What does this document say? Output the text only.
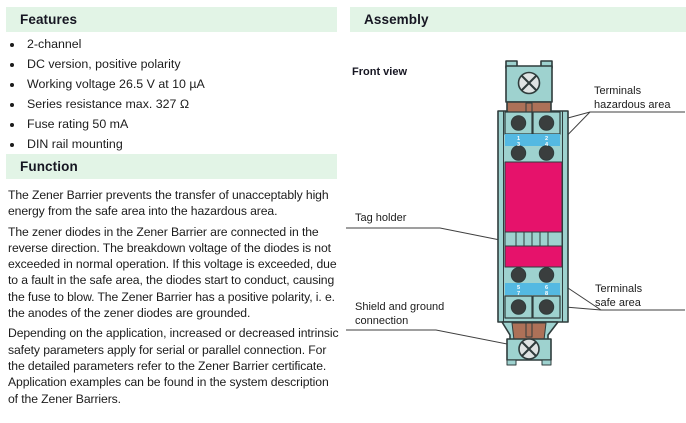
Features
• 2-channel
• DC version, positive polarity
• Working voltage 26.5 V at 10 µA
• Series resistance max. 327 Ω
• Fuse rating 50 mA
• DIN rail mounting
Function

The Zener Barrier prevents the transfer of unacceptably high energy from the safe area into the hazardous area.

The zener diodes in the Zener Barrier are connected in the reverse direction. The breakdown voltage of the diodes is not exceeded in normal operation. If this voltage is exceeded, due to a fault in the safe area, the diodes start to conduct, causing the fuse to blow. The Zener Barrier has a positive polarity, i. e. the anodes of the zener diodes are grounded.

Depending on the application, increased or decreased intrinsic safety parameters apply for serial or parallel connection. For the detailed parameters refer to the Zener Barrier certificate. Application examples can be found in the system description of the Zener Barriers.

Assembly
Front view
1	2
3	4
5	6
7	8
Terminals
hazardous area
Terminals
safe area
Tag holder
Shield and ground
connection
